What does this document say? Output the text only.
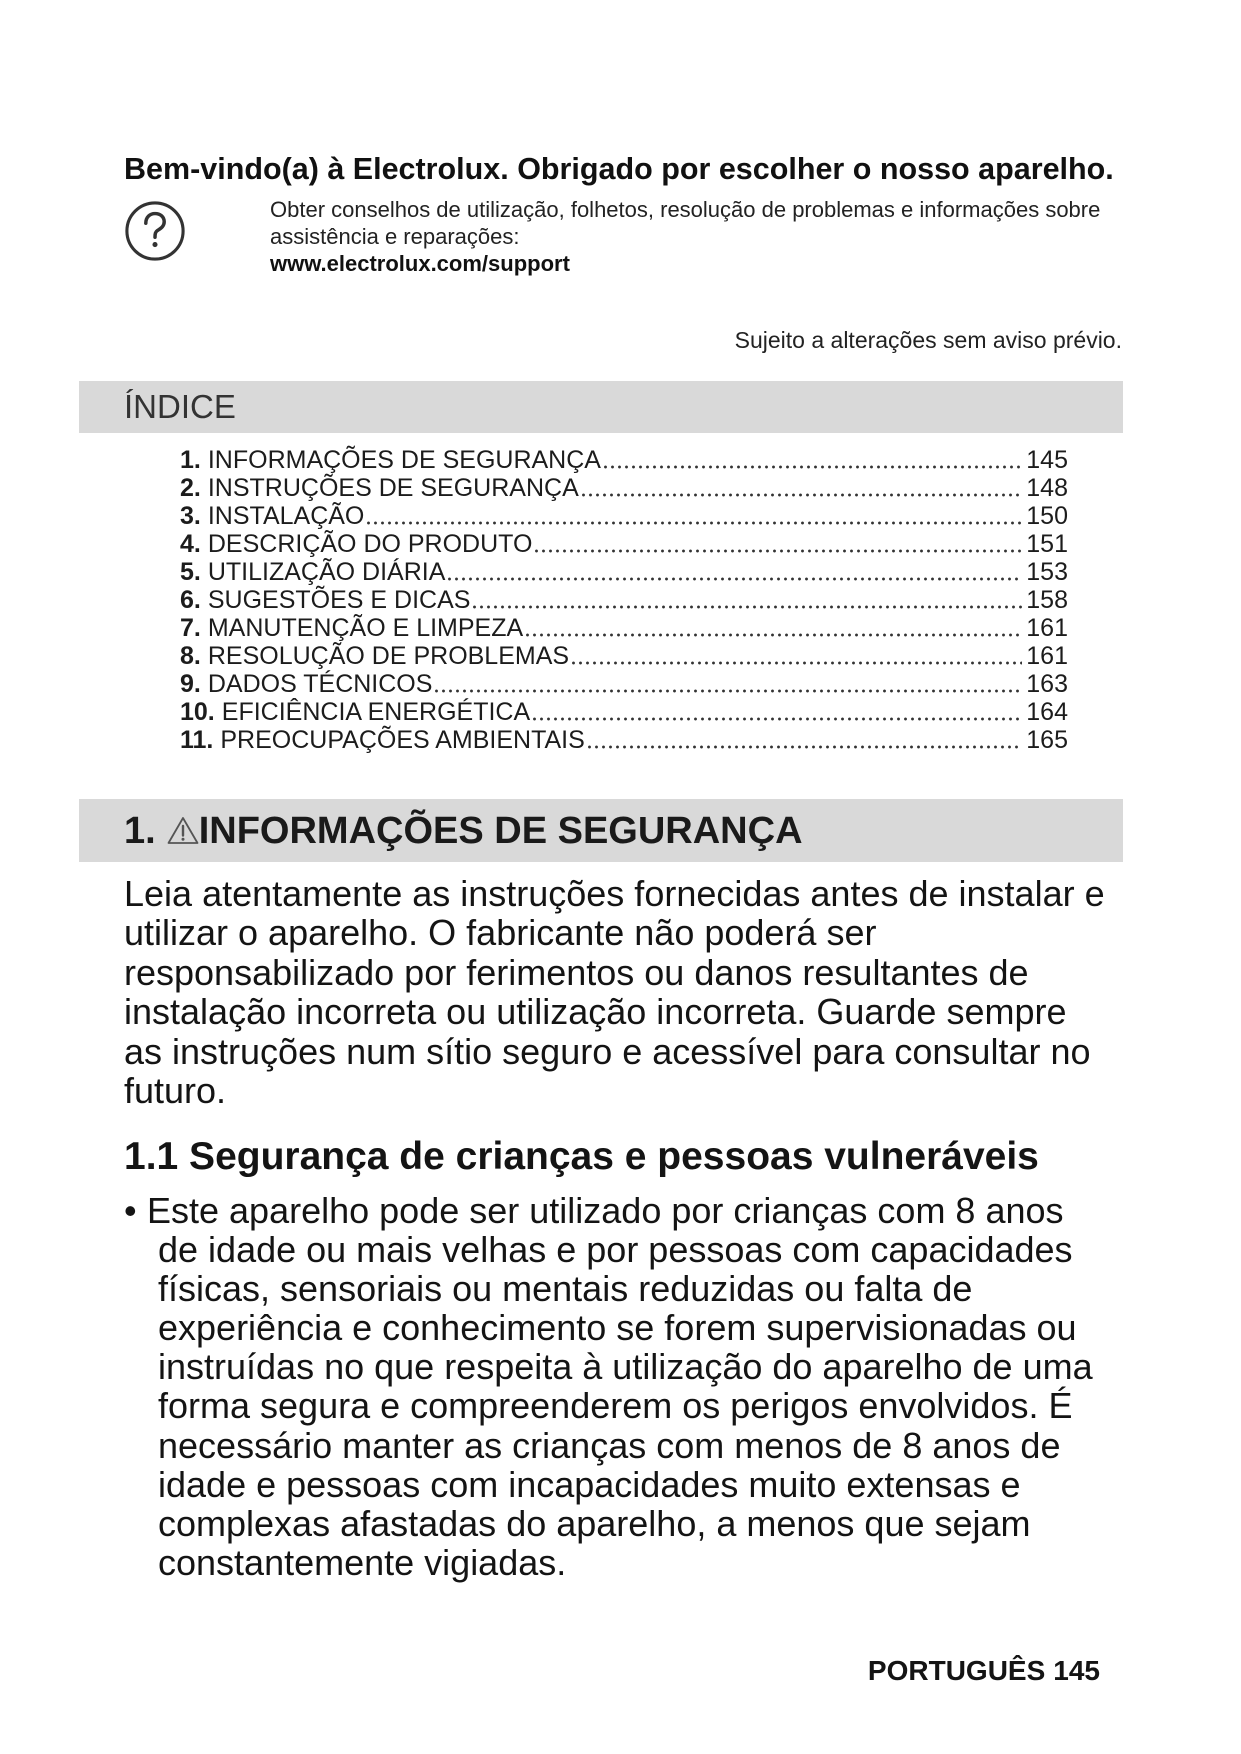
Bem-vindo(a) à Electrolux. Obrigado por escolher o nosso aparelho.
Obter conselhos de utilização, folhetos, resolução de problemas e informações sobre
assistência e reparações:
www.electrolux.com/support
Sujeito a alterações sem aviso prévio.
ÍNDICE
1. INFORMAÇÕES DE SEGURANÇA	145
2. INSTRUÇÕES DE SEGURANÇA	148
3. INSTALAÇÃO	150
4. DESCRIÇÃO DO PRODUTO	151
5. UTILIZAÇÃO DIÁRIA	153
6. SUGESTÕES E DICAS	158
7. MANUTENÇÃO E LIMPEZA	161
8. RESOLUÇÃO DE PROBLEMAS	161
9. DADOS TÉCNICOS	163
10. EFICIÊNCIA ENERGÉTICA	164
11. PREOCUPAÇÕES AMBIENTAIS	165
1. INFORMAÇÕES DE SEGURANÇA
Leia atentamente as instruções fornecidas antes de instalar e
utilizar o aparelho. O fabricante não poderá ser
responsabilizado por ferimentos ou danos resultantes de
instalação incorreta ou utilização incorreta. Guarde sempre
as instruções num sítio seguro e acessível para consultar no
futuro.
1.1 Segurança de crianças e pessoas vulneráveis
• Este aparelho pode ser utilizado por crianças com 8 anos
de idade ou mais velhas e por pessoas com capacidades
físicas, sensoriais ou mentais reduzidas ou falta de
experiência e conhecimento se forem supervisionadas ou
instruídas no que respeita à utilização do aparelho de uma
forma segura e compreenderem os perigos envolvidos. É
necessário manter as crianças com menos de 8 anos de
idade e pessoas com incapacidades muito extensas e
complexas afastadas do aparelho, a menos que sejam
constantemente vigiadas.
PORTUGUÊS 145
